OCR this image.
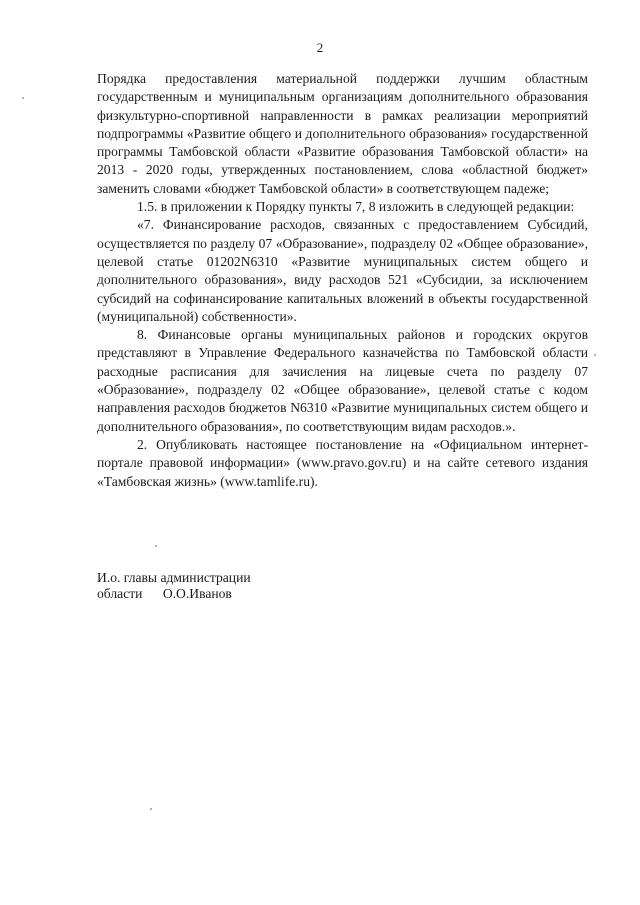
2

Порядка предоставления материальной поддержки лучшим областным государственным и муниципальным организациям дополнительного образования физкультурно-спортивной направленности в рамках реализации мероприятий подпрограммы «Развитие общего и дополнительного образования» государственной программы Тамбовской области «Развитие образования Тамбовской области» на 2013 - 2020 годы, утвержденных постановлением, слова «областной бюджет» заменить словами «бюджет Тамбовской области» в соответствующем падеже;

1.5. в приложении к Порядку пункты 7, 8 изложить в следующей редакции:

«7. Финансирование расходов, связанных с предоставлением Субсидий, осуществляется по разделу 07 «Образование», подразделу 02 «Общее образование», целевой статье 01202N6310 «Развитие муниципальных систем общего и дополнительного образования», виду расходов 521 «Субсидии, за исключением субсидий на софинансирование капитальных вложений в объекты государственной (муниципальной) собственности».

8. Финансовые органы муниципальных районов и городских округов представляют в Управление Федерального казначейства по Тамбовской области расходные расписания для зачисления на лицевые счета по разделу 07 «Образование», подразделу 02 «Общее образование», целевой статье с кодом направления расходов бюджетов N6310 «Развитие муниципальных систем общего и дополнительного образования», по соответствующим видам расходов.».

2. Опубликовать настоящее постановление на «Официальном интернет-портале правовой информации» (www.pravo.gov.ru) и на сайте сетевого издания «Тамбовская жизнь» (www.tamlife.ru).

И.о. главы администрации
области О.О.Иванов
